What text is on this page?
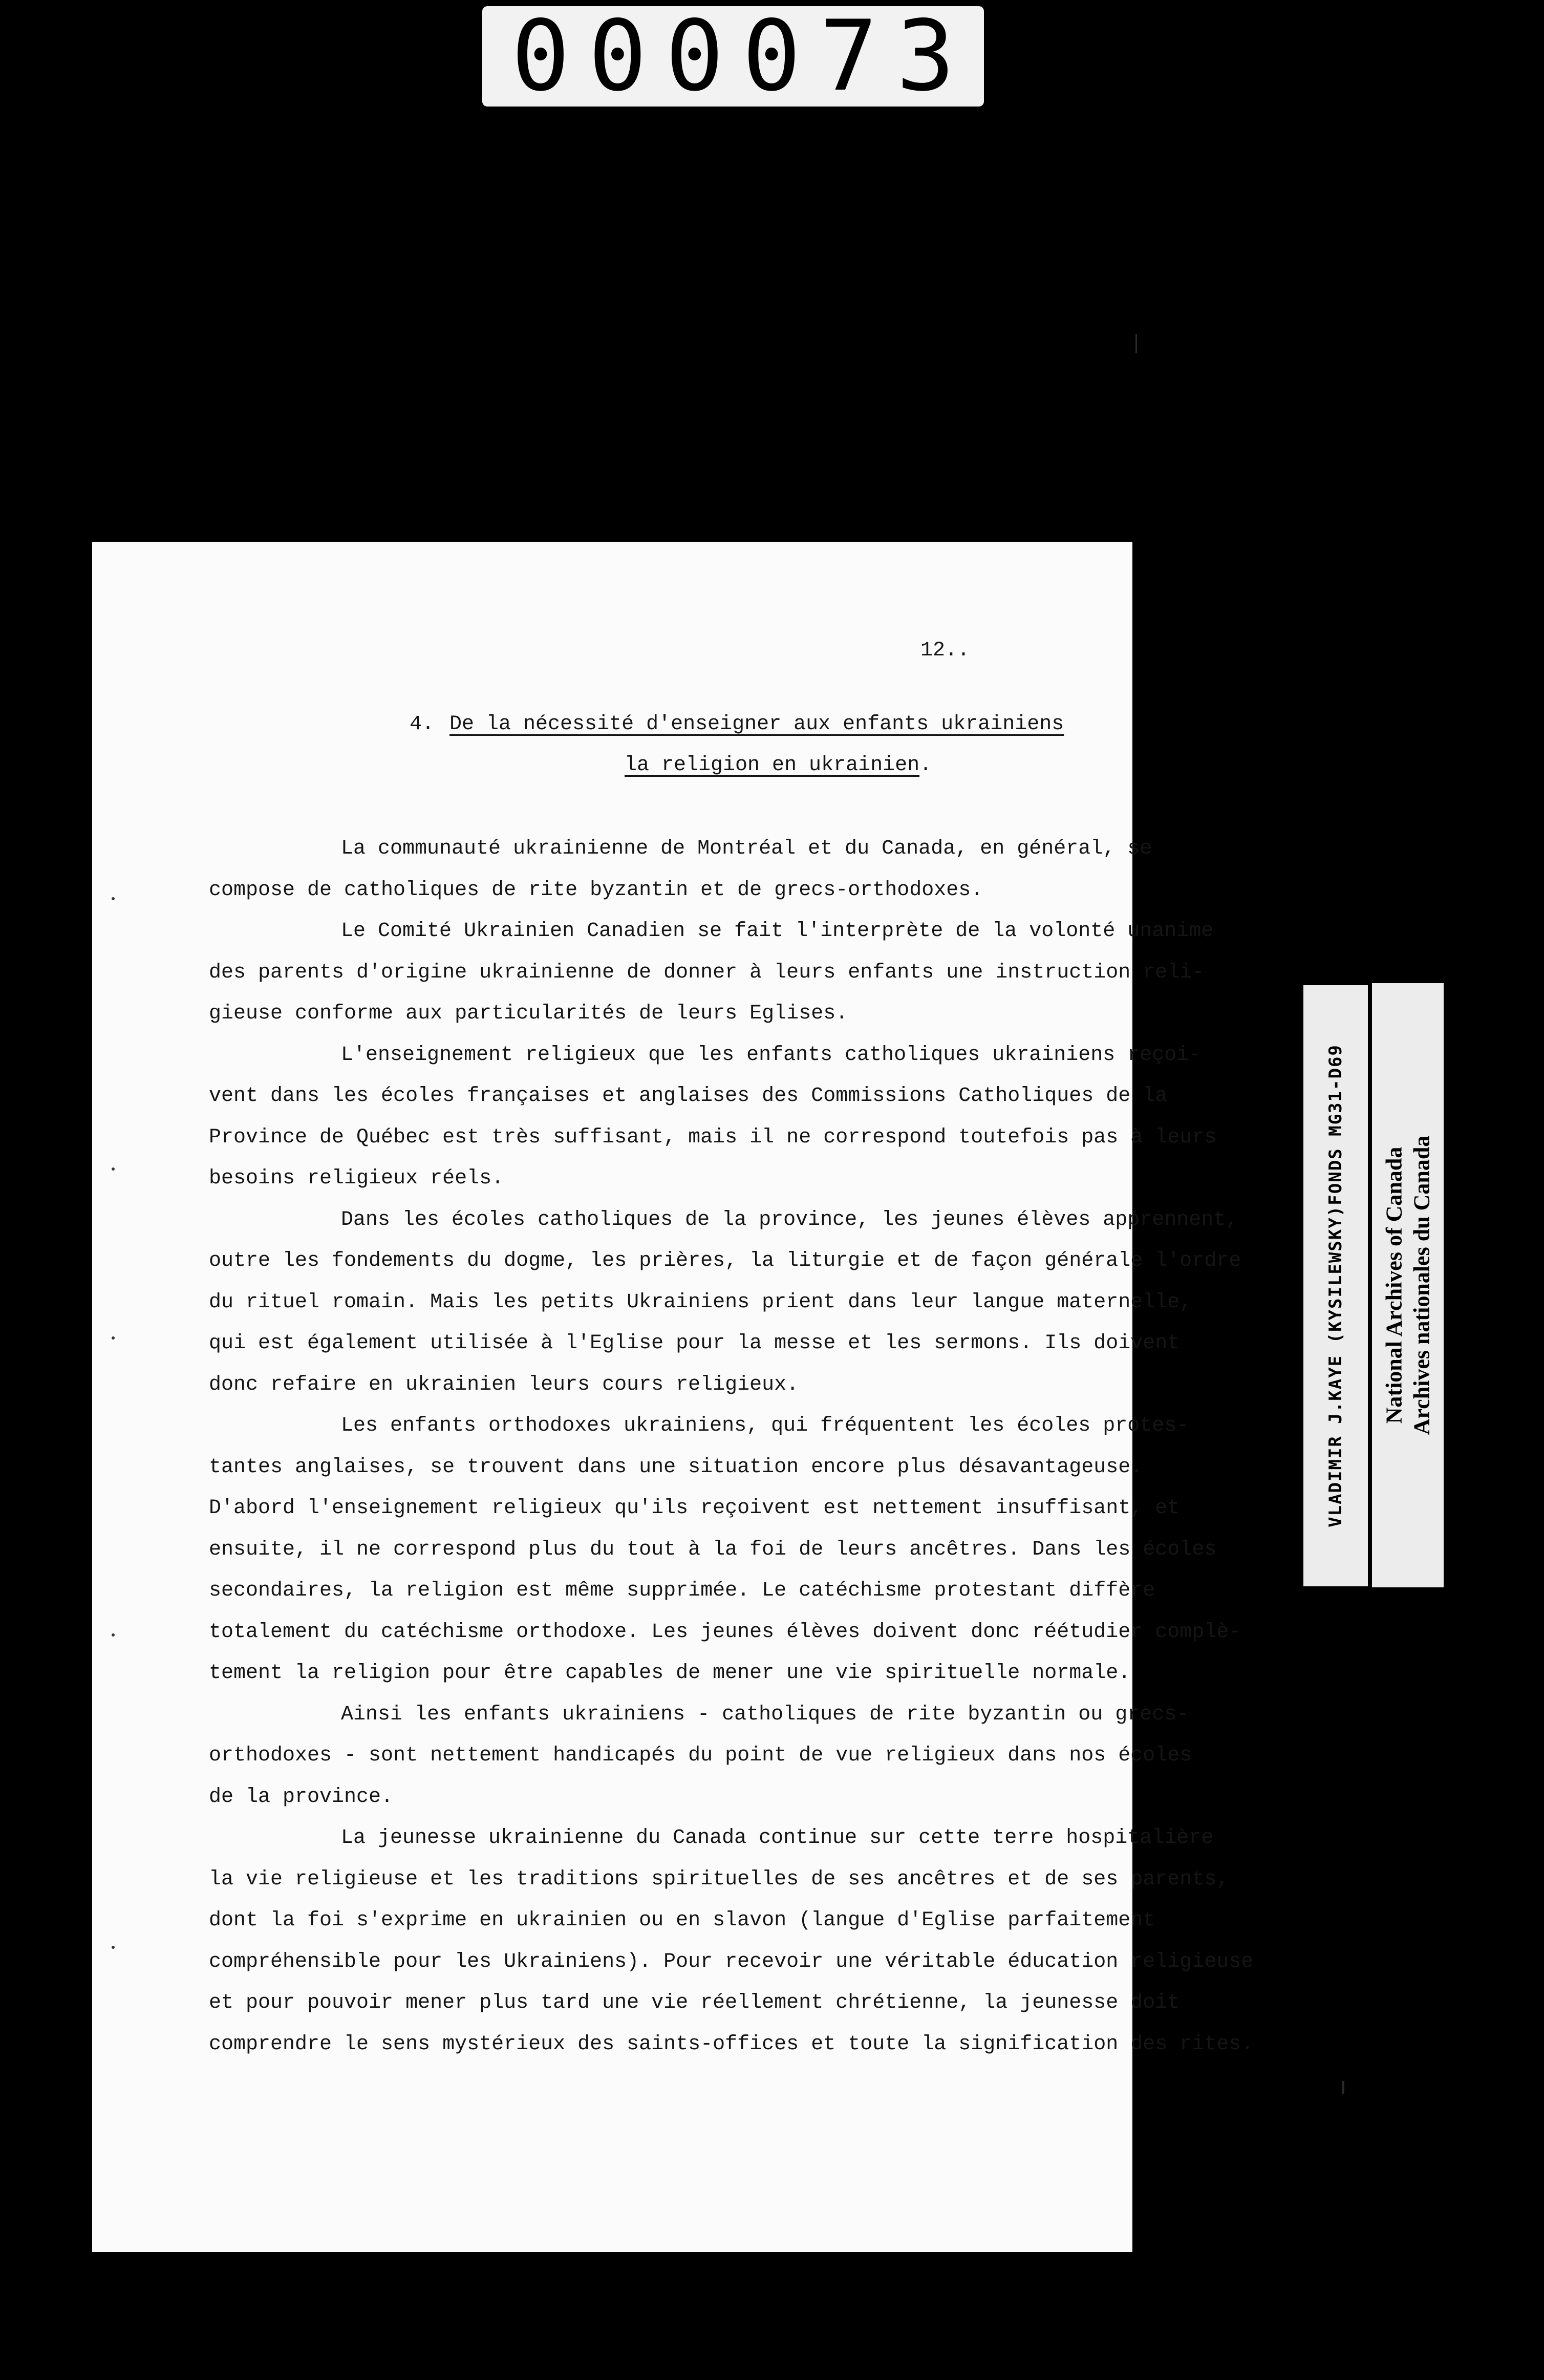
000073
12..
4. De la nécessité d'enseigner aux enfants ukrainiens
la religion en ukrainien.
La communauté ukrainienne de Montréal et du Canada, en général, se
compose de catholiques de rite byzantin et de grecs-orthodoxes.
Le Comité Ukrainien Canadien se fait l'interprète de la volonté unanime
des parents d'origine ukrainienne de donner à leurs enfants une instruction reli-
gieuse conforme aux particularités de leurs Eglises.
L'enseignement religieux que les enfants catholiques ukrainiens reçoi-
vent dans les écoles françaises et anglaises des Commissions Catholiques de la
Province de Québec est très suffisant, mais il ne correspond toutefois pas à leurs
besoins religieux réels.
Dans les écoles catholiques de la province, les jeunes élèves apprennent,
outre les fondements du dogme, les prières, la liturgie et de façon générale l'ordre
du rituel romain. Mais les petits Ukrainiens prient dans leur langue maternelle,
qui est également utilisée à l'Eglise pour la messe et les sermons. Ils doivent
donc refaire en ukrainien leurs cours religieux.
Les enfants orthodoxes ukrainiens, qui fréquentent les écoles protes-
tantes anglaises, se trouvent dans une situation encore plus désavantageuse.
D'abord l'enseignement religieux qu'ils reçoivent est nettement insuffisant, et
ensuite, il ne correspond plus du tout à la foi de leurs ancêtres. Dans les écoles
secondaires, la religion est même supprimée. Le catéchisme protestant diffère
totalement du catéchisme orthodoxe. Les jeunes élèves doivent donc réétudier complè-
tement la religion pour être capables de mener une vie spirituelle normale.
Ainsi les enfants ukrainiens - catholiques de rite byzantin ou grecs-
orthodoxes - sont nettement handicapés du point de vue religieux dans nos écoles
de la province.
La jeunesse ukrainienne du Canada continue sur cette terre hospitalière
la vie religieuse et les traditions spirituelles de ses ancêtres et de ses parents,
dont la foi s'exprime en ukrainien ou en slavon (langue d'Eglise parfaitement
compréhensible pour les Ukrainiens). Pour recevoir une véritable éducation religieuse
et pour pouvoir mener plus tard une vie réellement chrétienne, la jeunesse doit
comprendre le sens mystérieux des saints-offices et toute la signification des rites.
VLADIMIR J.KAYE (KYSILEWSKY)FONDS MG31-D69 National Archives of Canada Archives nationales du Canada
